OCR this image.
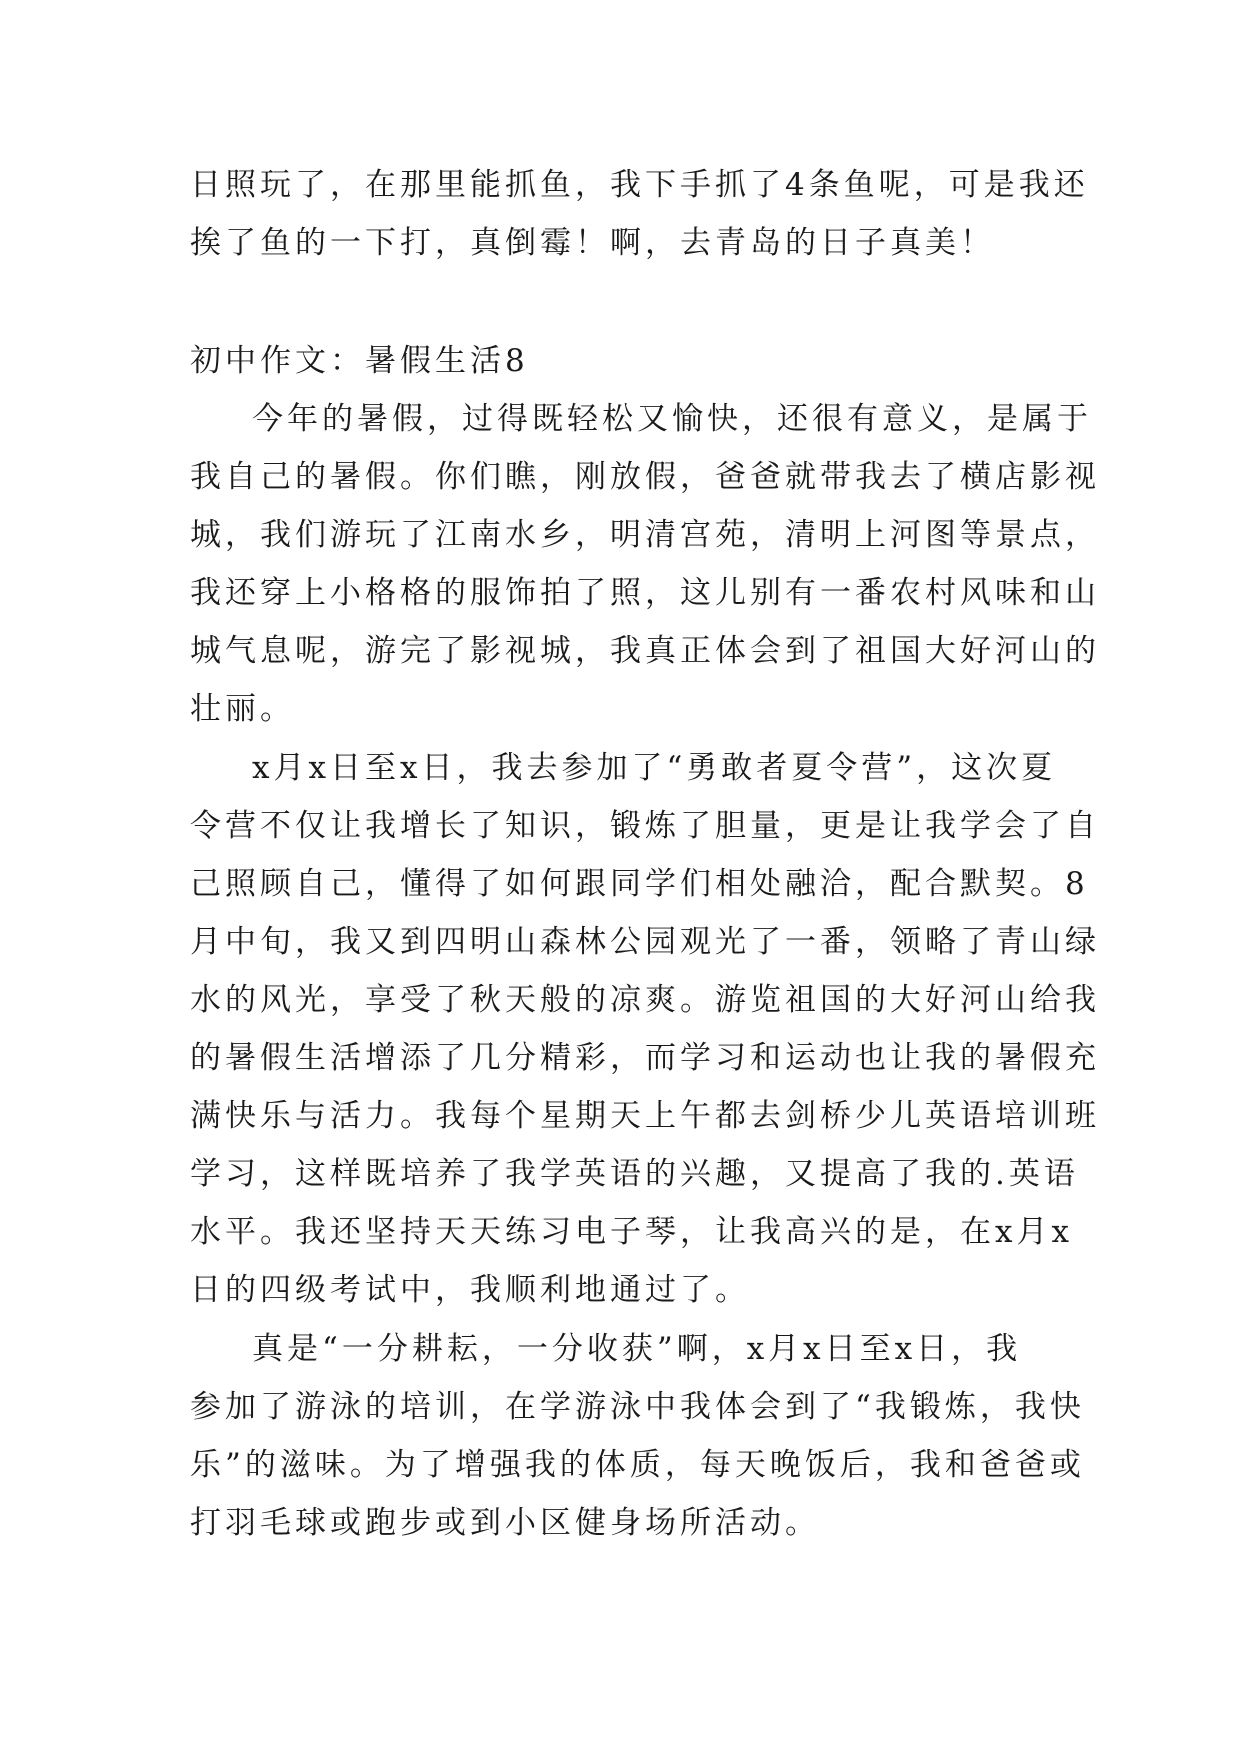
日照玩了，在那里能抓鱼，我下手抓了4条鱼呢，可是我还
挨了鱼的一下打，真倒霉！啊，去青岛的日子真美！
初中作文：暑假生活8
今年的暑假，过得既轻松又愉快，还很有意义，是属于
我自己的暑假。你们瞧，刚放假，爸爸就带我去了横店影视
城，我们游玩了江南水乡，明清宫苑，清明上河图等景点，
我还穿上小格格的服饰拍了照，这儿别有一番农村风味和山
城气息呢，游完了影视城，我真正体会到了祖国大好河山的
壮丽。
x月x日至x日，我去参加了“勇敢者夏令营”，这次夏
令营不仅让我增长了知识，锻炼了胆量，更是让我学会了自
己照顾自己，懂得了如何跟同学们相处融洽，配合默契。8
月中旬，我又到四明山森林公园观光了一番，领略了青山绿
水的风光，享受了秋天般的凉爽。游览祖国的大好河山给我
的暑假生活增添了几分精彩，而学习和运动也让我的暑假充
满快乐与活力。我每个星期天上午都去剑桥少儿英语培训班
学习，这样既培养了我学英语的兴趣，又提高了我的.英语
水平。我还坚持天天练习电子琴，让我高兴的是，在x月x
日的四级考试中，我顺利地通过了。
真是“一分耕耘，一分收获”啊，x月x日至x日，我
参加了游泳的培训，在学游泳中我体会到了“我锻炼，我快
乐”的滋味。为了增强我的体质，每天晚饭后，我和爸爸或
打羽毛球或跑步或到小区健身场所活动。
